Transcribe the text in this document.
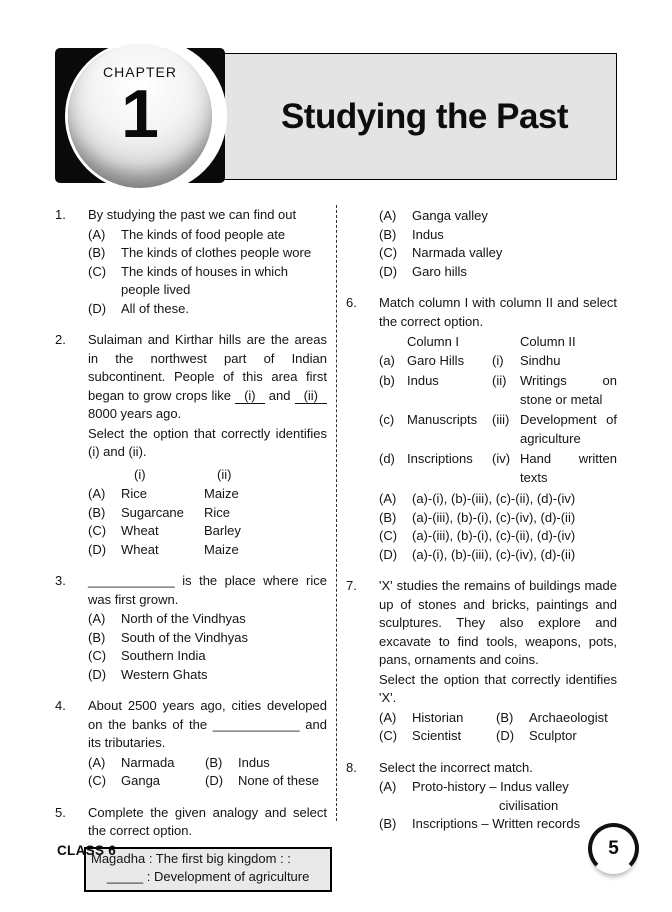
Studying the Past
CHAPTER
1
1.	By studying the past we can find out
(A)	The kinds of food people ate
(B)	The kinds of clothes people wore
(C)	The kinds of houses in which people lived
(D)	All of these.
2.	Sulaiman and Kirthar hills are the areas in the northwest part of Indian subcontinent. People of this area first began to grow crops like (i) and (ii) 8000 years ago.
Select the option that correctly identifies (i) and (ii).
(i)	(ii)
(A)	Rice	Maize
(B)	Sugarcane	Rice
(C)	Wheat	Barley
(D)	Wheat	Maize
3.	____________ is the place where rice was first grown.
(A)	North of the Vindhyas
(B)	South of the Vindhyas
(C)	Southern India
(D)	Western Ghats
4.	About 2500 years ago, cities developed on the banks of the ____________ and its tributaries.
(A)	Narmada	(B)	Indus
(C)	Ganga	(D)	None of these
5.	Complete the given analogy and select the correct option.
Magadha : The first big kingdom : :
_____ : Development of agriculture
(A)	Ganga valley
(B)	Indus
(C)	Narmada valley
(D)	Garo hills
6.	Match column I with column II and select the correct option.
Column I	Column II
(a) Garo Hills	(i)	Sindhu
(b) Indus	(ii)	Writings on stone or metal
(c) Manuscripts	(iii) Development of agriculture
(d) Inscriptions	(iv) Hand written texts
(A)	(a)-(i), (b)-(iii), (c)-(ii), (d)-(iv)
(B)	(a)-(iii), (b)-(i), (c)-(iv), (d)-(ii)
(C)	(a)-(iii), (b)-(i), (c)-(ii), (d)-(iv)
(D)	(a)-(i), (b)-(iii), (c)-(iv), (d)-(ii)
7.	'X' studies the remains of buildings made up of stones and bricks, paintings and sculptures. They also explore and excavate to find tools, weapons, pots, pans, ornaments and coins.
Select the option that correctly identifies 'X'.
(A)	Historian	(B)	Archaeologist
(C)	Scientist	(D)	Sculptor
8.	Select the incorrect match.
(A)	Proto-history – Indus valley
civilisation
(B)	Inscriptions – Written records
CLASS 6	5
